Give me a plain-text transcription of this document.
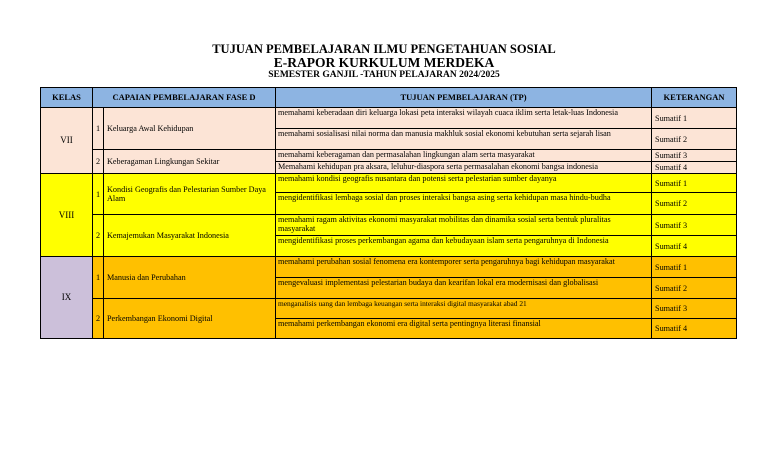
TUJUAN PEMBELAJARAN ILMU PENGETAHUAN SOSIAL
E-RAPOR KURKULUM MERDEKA
SEMESTER GANJIL -TAHUN PELAJARAN 2024/2025
KELAS	CAPAIAN PEMBELAJARAN FASE D		TUJUAN PEMBELAJARAN (TP)	KETERANGAN
VII	1	Keluarga Awal Kehidupan	memahami keberadaan diri keluarga lokasi peta interaksi wilayah cuaca iklim serta letak-luas Indonesia	Sumatif 1
			memahami sosialisasi nilai norma dan manusia makhluk sosial ekonomi kebutuhan serta sejarah lisan	Sumatif 2
	2	Keberagaman Lingkungan Sekitar	memahami keberagaman dan permasalahan lingkungan alam serta masyarakat	Sumatif 3
			Memahami kehidupan pra aksara, leluhur-diaspora serta permasalahan ekonomi bangsa indonesia	Sumatif 4
VIII	1	Kondisi Geografis dan Pelestarian Sumber Daya Alam	memahami kondisi geografis nusantara dan potensi serta pelestarian sumber dayanya	Sumatif 1
			mengidentifikasi lembaga sosial dan proses interaksi bangsa asing serta kehidupan masa hindu-budha	Sumatif 2
	2	Kemajemukan Masyarakat Indonesia	memahami ragam aktivitas ekonomi masyarakat mobilitas dan dinamika sosial serta bentuk pluralitas masyarakat	Sumatif 3
			mengidentifikasi proses perkembangan agama dan kebudayaan islam serta pengaruhnya di Indonesia	Sumatif 4
IX	1	Manusia dan Perubahan	memahami perubahan sosial fenomena era kontemporer serta pengaruhnya bagi kehidupan masyarakat	Sumatif 1
			mengevaluasi implementasi pelestarian budaya dan kearifan lokal era modernisasi dan globalisasi	Sumatif 2
	2	Perkembangan Ekonomi Digital	menganalisis uang dan lembaga keuangan serta interaksi digital masyarakat abad 21	Sumatif 3
			memahami perkembangan ekonomi era digital serta pentingnya literasi finansial	Sumatif 4
